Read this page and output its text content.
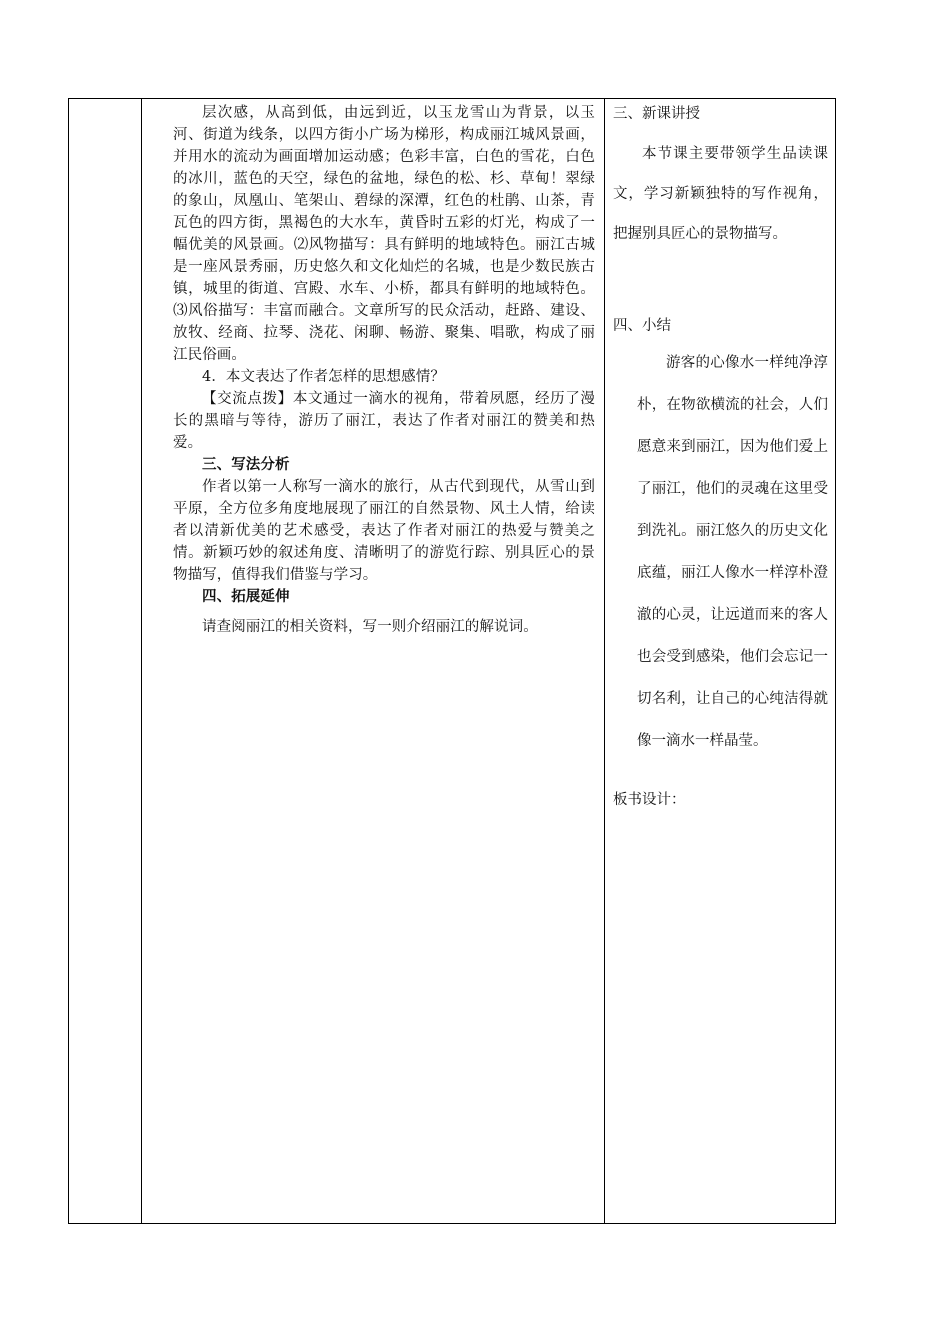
层次感，从高到低，由远到近，以玉龙雪山为背景，以玉河、街道为线条，以四方街小广场为梯形，构成丽江城风景画，并用水的流动为画面增加运动感；色彩丰富，白色的雪花，白色的冰川，蓝色的天空，绿色的盆地，绿色的松、杉、草甸！翠绿的象山，凤凰山、笔架山、碧绿的深潭，红色的杜鹃、山茶，青瓦色的四方街，黑褐色的大水车，黄昏时五彩的灯光，构成了一幅优美的风景画。⑵风物描写：具有鲜明的地域特色。丽江古城是一座风景秀丽，历史悠久和文化灿烂的名城，也是少数民族古镇，城里的街道、宫殿、水车、小桥，都具有鲜明的地域特色。⑶风俗描写：丰富而融合。文章所写的民众活动，赶路、建设、放牧、经商、拉琴、浇花、闲聊、畅游、聚集、唱歌，构成了丽江民俗画。

4．本文表达了作者怎样的思想感情？

【交流点拨】本文通过一滴水的视角，带着夙愿，经历了漫长的黑暗与等待，游历了丽江，表达了作者对丽江的赞美和热爱。

三、写法分析

作者以第一人称写一滴水的旅行，从古代到现代，从雪山到平原，全方位多角度地展现了丽江的自然景物、风土人情，给读者以清新优美的艺术感受，表达了作者对丽江的热爱与赞美之情。新颖巧妙的叙述角度、清晰明了的游览行踪、别具匠心的景物描写，值得我们借鉴与学习。

四、拓展延伸

请查阅丽江的相关资料，写一则介绍丽江的解说词。

三、新课讲授

本节课主要带领学生品读课文，学习新颖独特的写作视角，把握别具匠心的景物描写。

四、小结

游客的心像水一样纯净淳朴，在物欲横流的社会，人们愿意来到丽江，因为他们爱上了丽江，他们的灵魂在这里受到洗礼。丽江悠久的历史文化底蕴，丽江人像水一样淳朴澄澈的心灵，让远道而来的客人也会受到感染，他们会忘记一切名利，让自己的心纯洁得就像一滴水一样晶莹。

板书设计：
